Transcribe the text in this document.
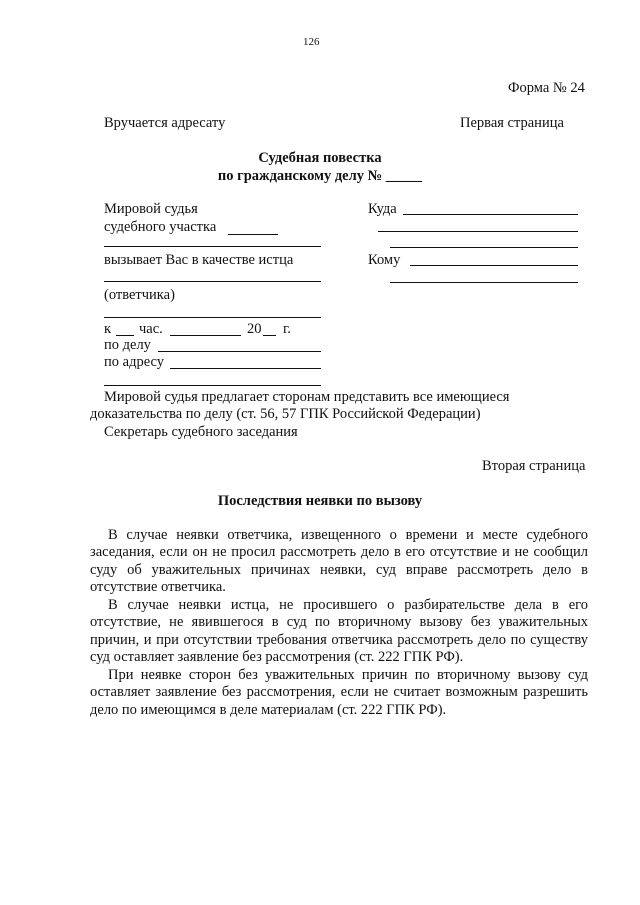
126
Форма № 24
Вручается адресату	Первая страница
Судебная повестка
по гражданскому делу № _____
Мировой судья
судебного участка
вызывает Вас в качестве истца
(ответчика)
к час.	20 г.
по делу
по адресу
Куда
Кому
Мировой судья предлагает сторонам представить все имеющиеся
доказательства по делу (ст. 56, 57 ГПК Российской Федерации)
Секретарь судебного заседания
Вторая страница
Последствия неявки по вызову
В случае неявки ответчика, извещенного о времени и месте судебного заседания, если он не просил рассмотреть дело в его отсутствие и не сообщил суду об уважительных причинах неявки, суд вправе рассмотреть дело в отсутствие ответчика.
В случае неявки истца, не просившего о разбирательстве дела в его отсутствие, не явившегося в суд по вторичному вызову без уважительных причин, и при отсутствии требования ответчика рассмотреть дело по существу суд оставляет заявление без рассмотрения (ст. 222 ГПК РФ).
При неявке сторон без уважительных причин по вторичному вызову суд оставляет заявление без рассмотрения, если не считает возможным разрешить дело по имеющимся в деле материалам (ст. 222 ГПК РФ).
